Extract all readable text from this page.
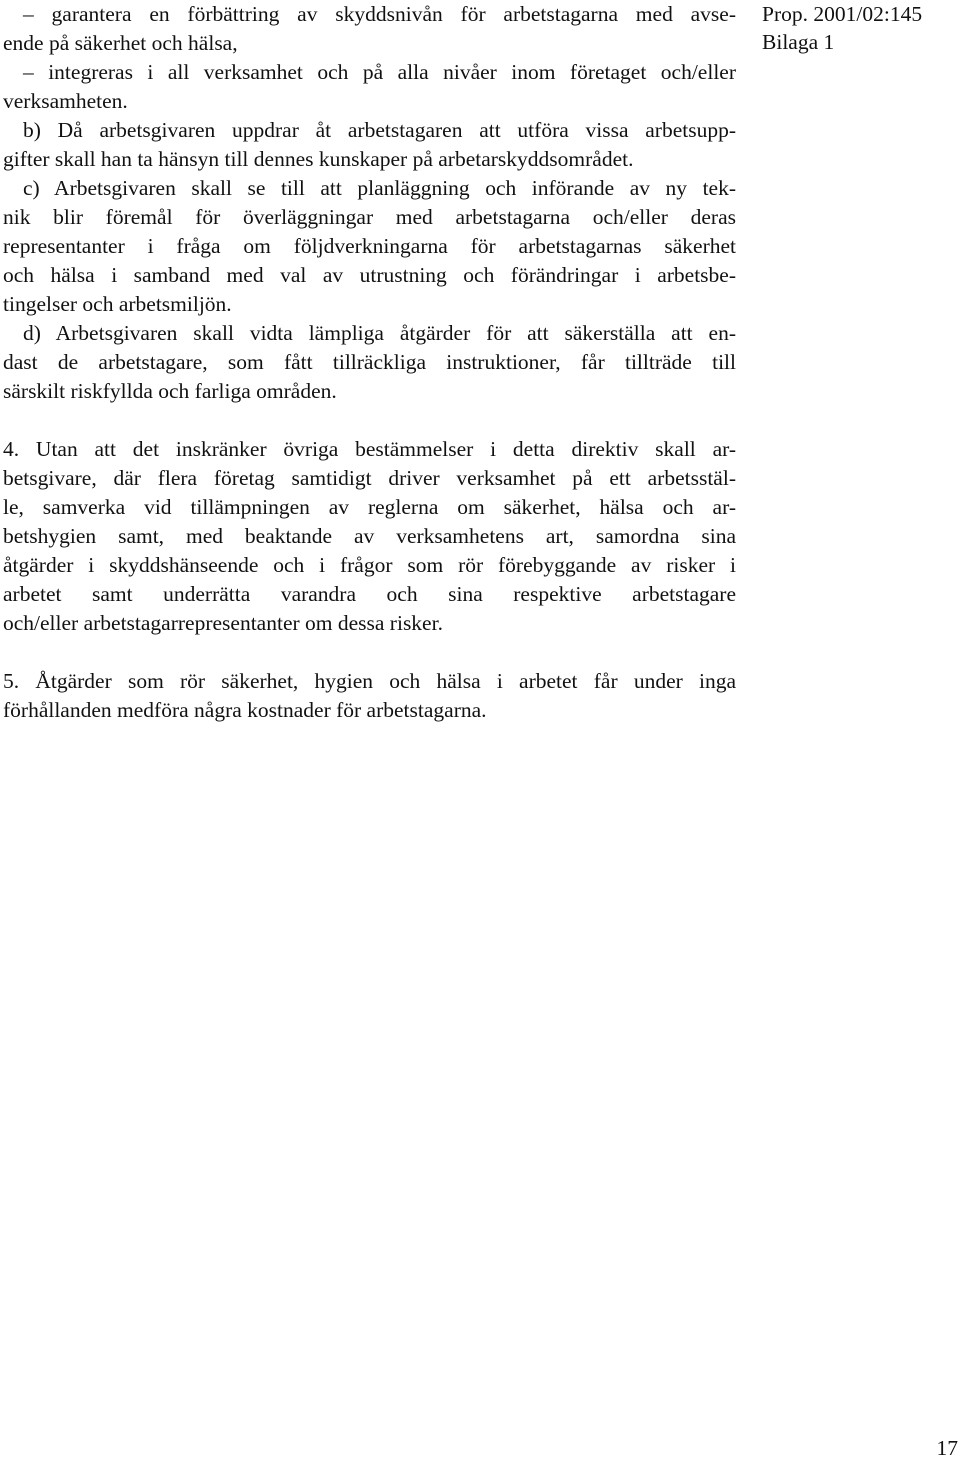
– garantera en förbättring av skyddsnivån för arbetstagarna med avse-
ende på säkerhet och hälsa,

– integreras i all verksamhet och på alla nivåer inom företaget och/eller
verksamheten.

b) Då arbetsgivaren uppdrar åt arbetstagaren att utföra vissa arbetsupp-
gifter skall han ta hänsyn till dennes kunskaper på arbetarskyddsområdet.

c) Arbetsgivaren skall se till att planläggning och införande av ny tek-
nik blir föremål för överläggningar med arbetstagarna och/eller deras
representanter i fråga om följdverkningarna för arbetstagarnas säkerhet
och hälsa i samband med val av utrustning och förändringar i arbetsbe-
tingelser och arbetsmiljön.

d) Arbetsgivaren skall vidta lämpliga åtgärder för att säkerställa att en-
dast de arbetstagare, som fått tillräckliga instruktioner, får tillträde till
särskilt riskfyllda och farliga områden.

4. Utan att det inskränker övriga bestämmelser i detta direktiv skall ar-
betsgivare, där flera företag samtidigt driver verksamhet på ett arbetsstäl-
le, samverka vid tillämpningen av reglerna om säkerhet, hälsa och ar-
betshygien samt, med beaktande av verksamhetens art, samordna sina
åtgärder i skyddshänseende och i frågor som rör förebyggande av risker i
arbetet samt underrätta varandra och sina respektive arbetstagare
och/eller arbetstagarrepresentanter om dessa risker.

5. Åtgärder som rör säkerhet, hygien och hälsa i arbetet får under inga
förhållanden medföra några kostnader för arbetstagarna.

Prop. 2001/02:145
Bilaga 1
17
